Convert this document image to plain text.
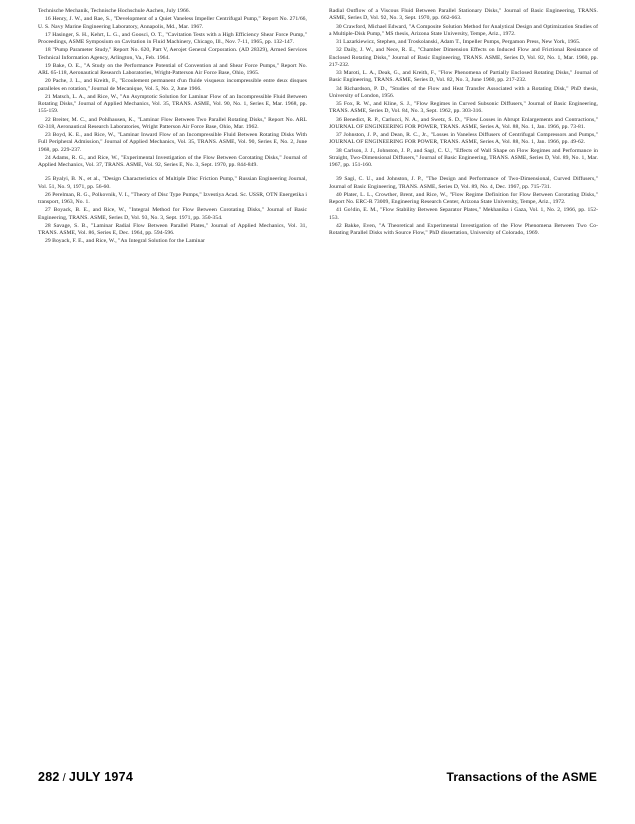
Technische Mechanik, Technische Hochschule Aachen, July 1966.

16 Henry, J. W., and Rae, S., "Development of a Quiet Vaneless Impeller Centrifugal Pump," Report No. 271/66, U. S. Navy Marine Engineering Laboratory, Annapolis, Md., Mar. 1967.

17 Hasinger, S. H., Kehrt, L. G., and Goosci, O. T., "Cavitation Tests with a High Efficiency Shear Force Pump," Proceedings, ASME Symposium on Cavitation in Fluid Machinery, Chicago, Ill., Nov. 7-11, 1965, pp. 132-147.

18 "Pump Parameter Study," Report No. 620, Part V, Aerojet General Corporation. (AD 28329), Armed Services Technical Information Agency, Arlington, Va., Feb. 1964.

19 Bake, O. E., "A Study on the Performance Potential of Convention al and Shear Force Pumps," Report No. ARL 65-118, Aeronautical Research Laboratories, Wright-Patterson Air Force Base, Ohio, 1965.

20 Pache, J. L., and Kreith, F., "Ecoulement permanent d'un fluide visqueux incompressible entre deux disques paralleles en rotation," Journal de Mecanique, Vol. 5, No. 2, June 1966.

21 Matsch, L. A., and Rice, W., "An Asymptotic Solution for Laminar Flow of an Incompressible Fluid Between Rotating Disks," Journal of Applied Mechanics, Vol. 35, TRANS. ASME, Vol. 90, No. 1, Series E, Mar. 1968, pp. 155-159.

22 Breiter, M. C., and Pohlhausen, K., "Laminar Flow Between Two Parallel Rotating Disks," Report No. ARL 62-318, Aeronautical Research Laboratories, Wright Patterson Air Force Base, Ohio, Mar. 1962.

23 Boyd, K. E., and Rice, W., "Laminar Inward Flow of an Incompressible Fluid Between Rotating Disks With Full Peripheral Admission," Journal of Applied Mechanics, Vol. 35, TRANS. ASME, Vol. 90, Series E, No. 2, June 1968, pp. 229-237.

24 Adams, R. G., and Rice, W., "Experimental Investigation of the Flow Between Corotating Disks," Journal of Applied Mechanics, Vol. 37, TRANS. ASME, Vol. 92, Series E, No. 3, Sept. 1970, pp. 844-849.

25 Byalyi, B. N., et al., "Design Characteristics of Multiple Disc Friction Pump," Russian Engineering Journal, Vol. 51, No. 9, 1971, pp. 56-60.

26 Perelman, R. G., Polkovnik, V. I., "Theory of Disc Type Pumps," Izvestiya Acad. Sc. USSR, OTN Energetika i transport, 1963, No. 1.

27 Boyack, B. E., and Rice, W., "Integral Method for Flow Between Corotating Disks," Journal of Basic Engineering, TRANS. ASME, Series D, Vol. 93, No. 3, Sept. 1971, pp. 350-354.

28 Savage, S. B., "Laminar Radial Flow Between Parallel Plates," Journal of Applied Mechanics, Vol. 31, TRANS. ASME, Vol. 86, Series E, Dec. 1964, pp. 594-596.

29 Boyack, F. E., and Rice, W., "An Integral Solution for the Laminar

Radial Outflow of a Viscous Fluid Between Parallel Stationary Disks," Journal of Basic Engineering, TRANS. ASME, Series D, Vol. 92, No. 3, Sept. 1970, pp. 662-663.

30 Crawford, Michael Edward, "A Composite Solution Method for Analytical Design and Optimization Studies of a Multiple-Disk Pump," MS thesis, Arizona State University, Tempe, Ariz., 1972.

31 Lazarkiewicz, Stephen, and Troskolanski, Adam T., Impeller Pumps, Pergamon Press, New York, 1965.

32 Daily, J. W., and Nece, R. E., "Chamber Dimension Effects on Induced Flow and Frictional Resistance of Enclosed Rotating Disks," Journal of Basic Engineering, TRANS. ASME, Series D, Vol. 82, No. 1, Mar. 1960, pp. 217-232.

33 Maroti, L. A., Deak, G., and Kreith, F., "Flow Phenomena of Partially Enclosed Rotating Disks," Journal of Basic Engineering, TRANS. ASME, Series D, Vol. 82, No. 3, June 1960, pp. 217-232.

34 Richardson, P. D., "Studies of the Flow and Heat Transfer Associated with a Rotating Disk," PhD thesis, University of London, 1956.

35 Fox, R. W., and Kline, S. J., "Flow Regimes in Curved Subsonic Diffusers," Journal of Basic Engineering, TRANS. ASME, Series D, Vol. 84, No. 3, Sept. 1962, pp. 303-316.

36 Benedict, R. P., Carlucci, N. A., and Swetz, S. D., "Flow Losses in Abrupt Enlargements and Contractions," JOURNAL OF ENGINEERING FOR POWER, TRANS. ASME, Series A, Vol. 88, No. 1, Jan. 1966, pp. 73-81.

37 Johnston, J. P., and Dean, R. C., Jr., "Losses in Vaneless Diffusers of Centrifugal Compressors and Pumps," JOURNAL OF ENGINEERING FOR POWER, TRANS. ASME, Series A, Vol. 88, No. 1, Jan. 1966, pp. 49-62.

38 Carlson, J. J., Johnston, J. P., and Sagi, C. U., "Effects of Wall Shape on Flow Regimes and Performance in Straight, Two-Dimensional Diffusers," Journal of Basic Engineering, TRANS. ASME, Series D, Vol. 89, No. 1, Mar. 1967, pp. 151-160.

39 Sagi, C. U., and Johnston, J. P., "The Design and Performance of Two-Dimensional, Curved Diffusers," Journal of Basic Engineering, TRANS. ASME, Series D, Vol. 89, No. 4, Dec. 1967, pp. 715-731.

40 Plater, L. L., Crowther, Brent, and Rice, W., "Flow Regime Definition for Flow Between Corotating Disks," Report No. ERC-R 73009, Engineering Research Center, Arizona State University, Tempe, Ariz., 1972.

41 Go!din, E. M., "Flow Stability Between Separator Plates," Mekhanika i Gaza, Vol. 1, No. 2, 1966, pp. 152-153.

42 Bakke, Even, "A Theoretical and Experimental Investigation of the Flow Phenomena Between Two Co-Rotating Parallel Disks with Source Flow," PhD dissertation, University of Colorado, 1969.

282 / JULY 1974	Transactions of the ASME
